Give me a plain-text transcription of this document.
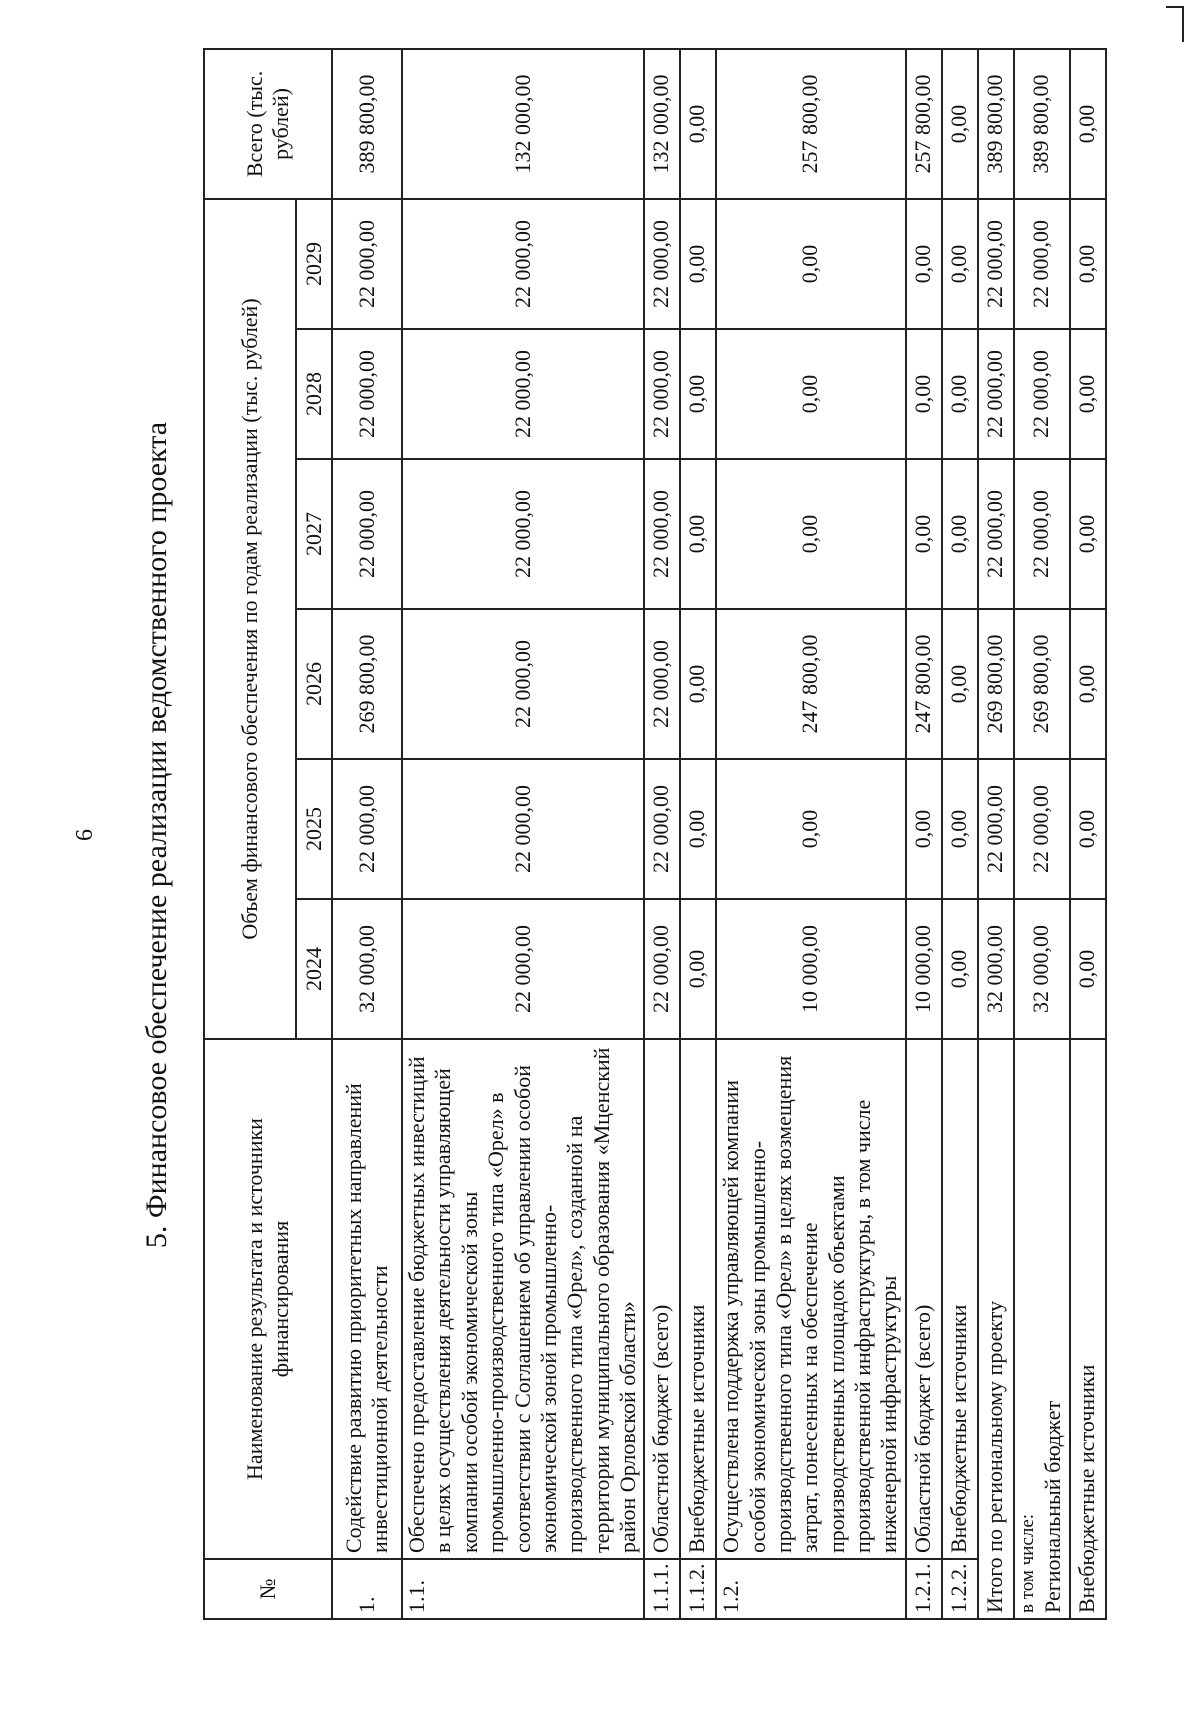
6 5. Финансовое обеспечение реализации ведомственного проекта
№	Наименование результата и источники финансирования	Объем финансового обеспечения по годам реализации (тыс. рублей)						Всего (тыс. рублей)
		2024	2025	2026	2027	2028	2029	
1.	Содействие развитию приоритетных направлений инвестиционной деятельности	32 000,00	22 000,00	269 800,00	22 000,00	22 000,00	22 000,00	389 800,00
1.1.	Обеспечено предоставление бюджетных инвестиций в целях осуществления деятельности управляющей компании особой экономической зоны промышленно-производственного типа «Орел» в соответствии с Соглашением об управлении особой экономической зоной промышленно-производственного типа «Орел», созданной на территории муниципального образования «Мценский район Орловской области»	22 000,00	22 000,00	22 000,00	22 000,00	22 000,00	22 000,00	132 000,00
1.1.1.	Областной бюджет (всего)	22 000,00	22 000,00	22 000,00	22 000,00	22 000,00	22 000,00	132 000,00
1.1.2.	Внебюджетные источники	0,00	0,00	0,00	0,00	0,00	0,00	0,00
1.2.	Осуществлена поддержка управляющей компании особой экономической зоны промышленно-производственного типа «Орел» в целях возмещения затрат, понесенных на обеспечение производственных площадок объектами производственной инфраструктуры, в том числе инженерной инфраструктуры	10 000,00	0,00	247 800,00	0,00	0,00	0,00	257 800,00
1.2.1.	Областной бюджет (всего)	10 000,00	0,00	247 800,00	0,00	0,00	0,00	257 800,00
1.2.2.	Внебюджетные источники	0,00	0,00	0,00	0,00	0,00	0,00	0,00
Итого по региональному проекту		32 000,00	22 000,00	269 800,00	22 000,00	22 000,00	22 000,00	389 800,00

в том числе: Региональный бюджет		32 000,00	22 000,00	269 800,00	22 000,00	22 000,00	22 000,00	389 800,00
Внебюджетные источники		0,00	0,00	0,00	0,00	0,00	0,00	0,00
